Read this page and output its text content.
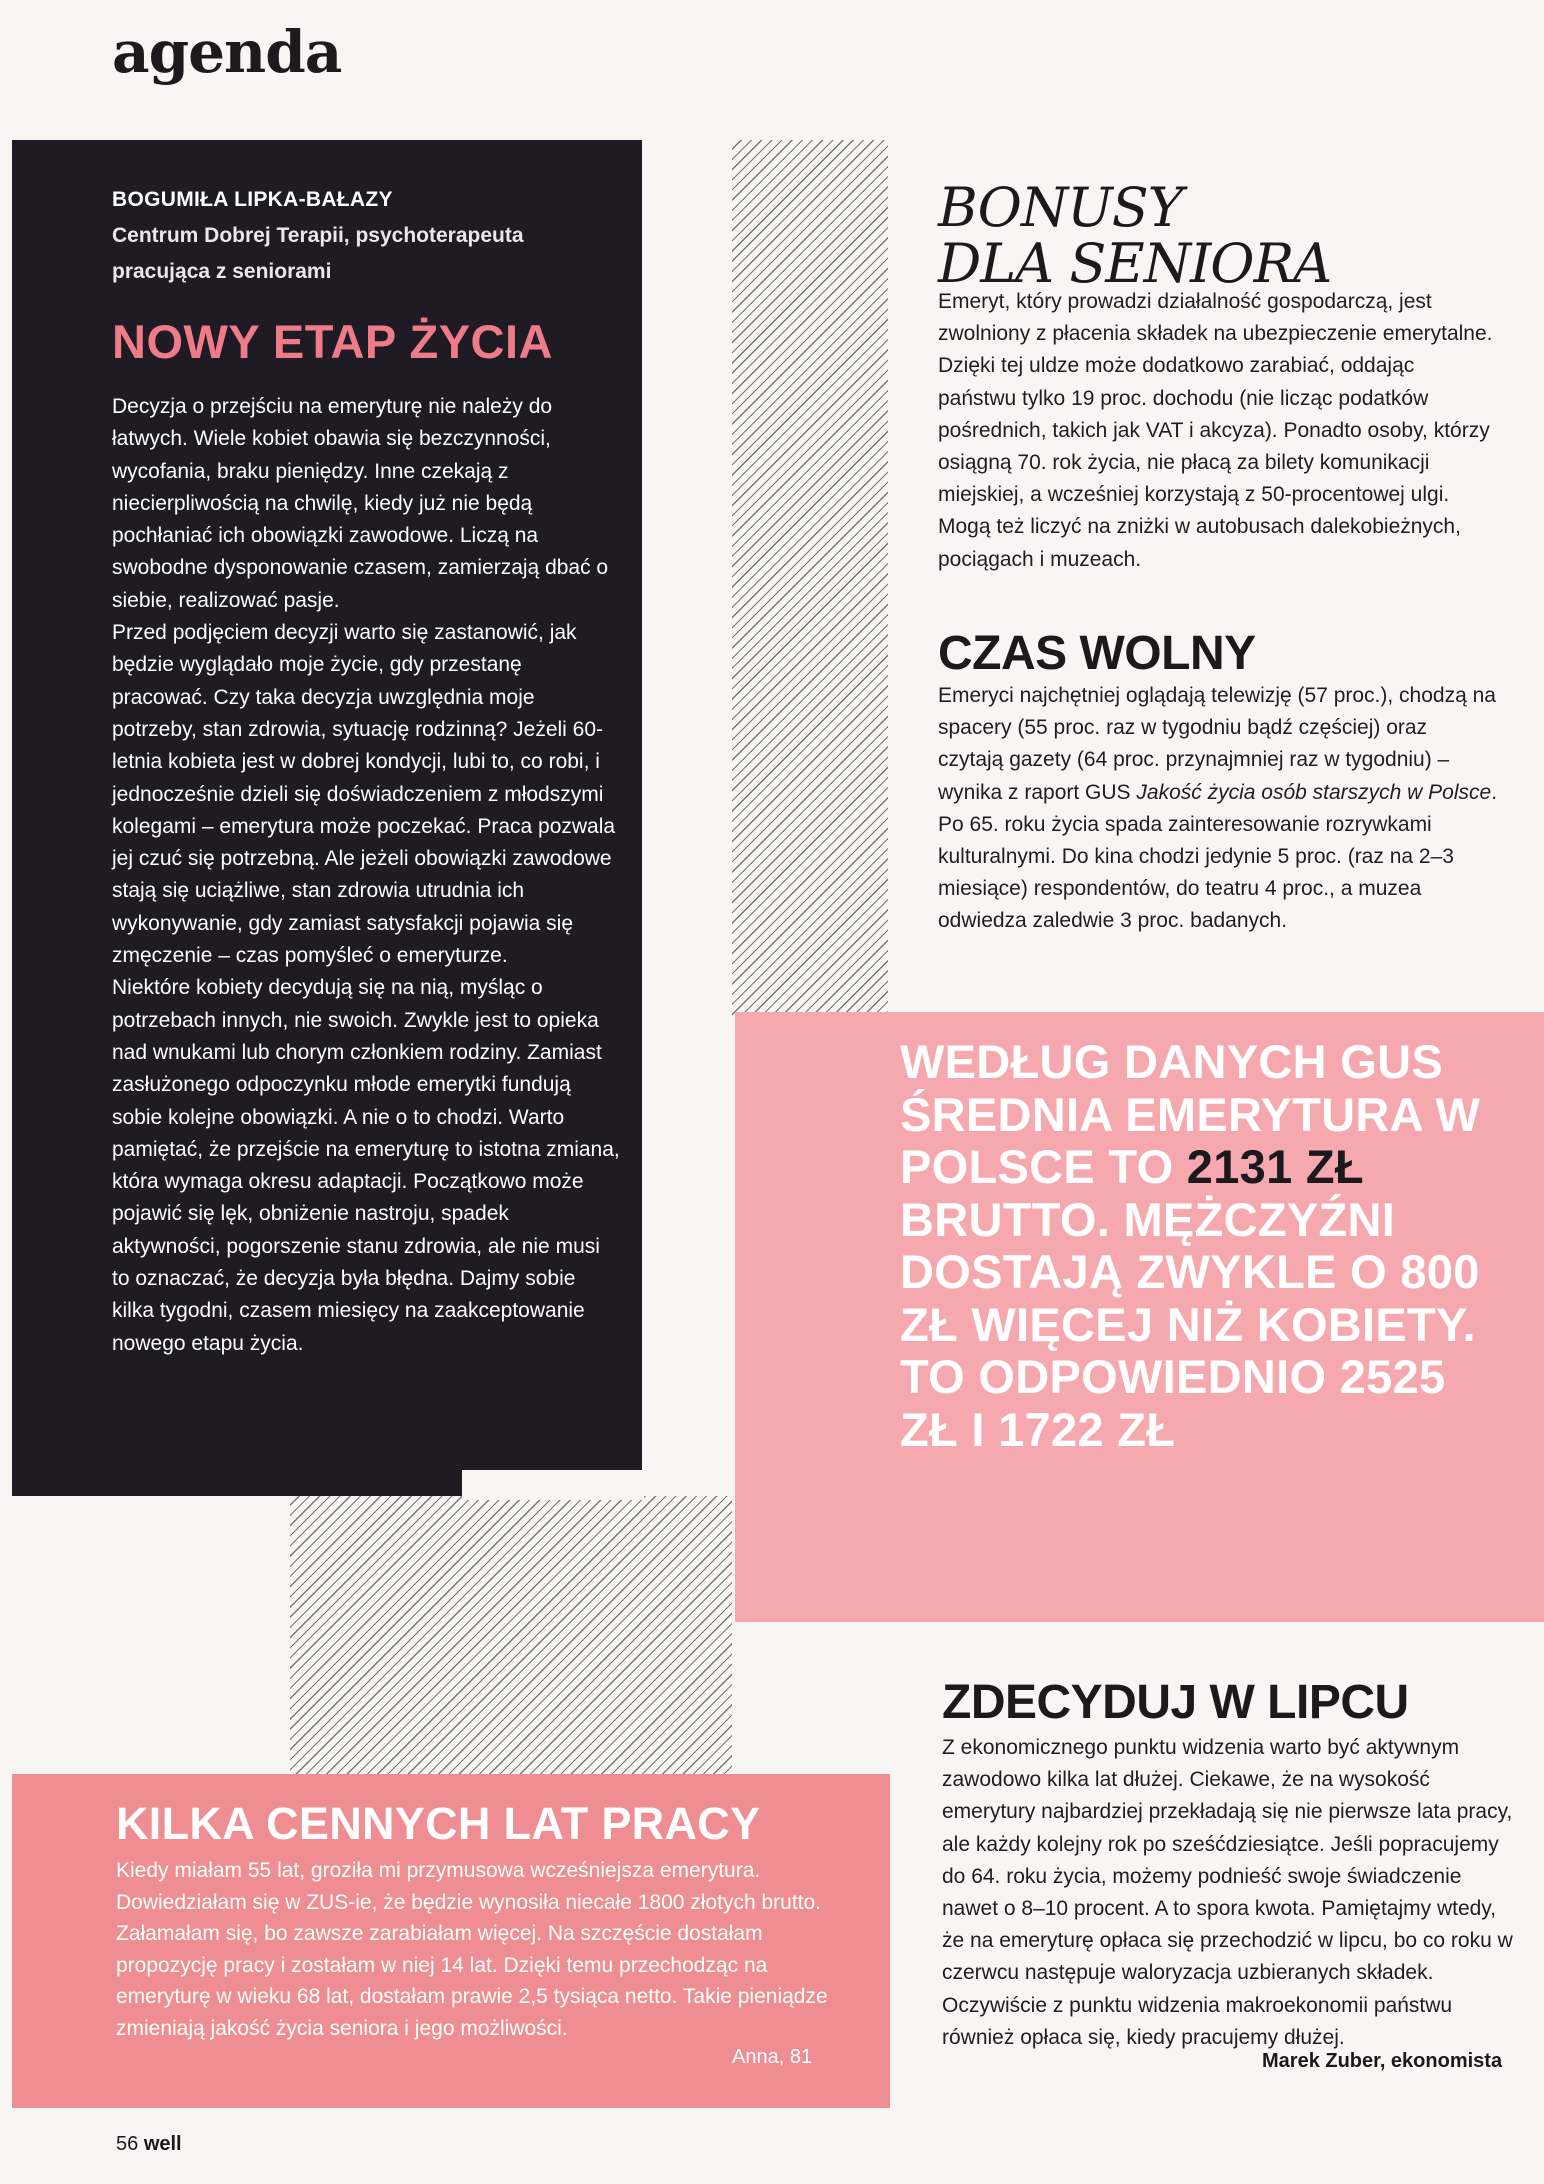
agenda
BOGUMIŁA LIPKA-BAŁAZY
Centrum Dobrej Terapii, psychoterapeuta
pracująca z seniorami
NOWY ETAP ŻYCIA

Decyzja o przejściu na emeryturę nie należy do łatwych. Wiele kobiet obawia się bezczynności, wycofania, braku pieniędzy. Inne czekają z niecierpliwością na chwilę, kiedy już nie będą pochłaniać ich obowiązki zawodowe. Liczą na swobodne dysponowanie czasem, zamierzają dbać o siebie, realizować pasje.

Przed podjęciem decyzji warto się zastanowić, jak będzie wyglądało moje życie, gdy przestanę pracować. Czy taka decyzja uwzględnia moje potrzeby, stan zdrowia, sytuację rodzinną? Jeżeli 60-letnia kobieta jest w dobrej kondycji, lubi to, co robi, i jednocześnie dzieli się doświadczeniem z młodszymi kolegami – emerytura może poczekać. Praca pozwala jej czuć się potrzebną. Ale jeżeli obowiązki zawodowe stają się uciążliwe, stan zdrowia utrudnia ich wykonywanie, gdy zamiast satysfakcji pojawia się zmęczenie – czas pomyśleć o emeryturze.

Niektóre kobiety decydują się na nią, myśląc o potrzebach innych, nie swoich. Zwykle jest to opieka nad wnukami lub chorym członkiem rodziny. Zamiast zasłużonego odpoczynku młode emerytki fundują sobie kolejne obowiązki. A nie o to chodzi. Warto pamiętać, że przejście na emeryturę to istotna zmiana, która wymaga okresu adaptacji. Początkowo może pojawić się lęk, obniżenie nastroju, spadek aktywności, pogorszenie stanu zdrowia, ale nie musi to oznaczać, że decyzja była błędna. Dajmy sobie kilka tygodni, czasem miesięcy na zaakceptowanie nowego etapu życia.

BONUSY
DLA SENIORA
Emeryt, który prowadzi działalność gospodarczą, jest zwolniony z płacenia składek na ubezpieczenie emerytalne. Dzięki tej uldze może dodatkowo zarabiać, oddając państwu tylko 19 proc. dochodu (nie licząc podatków pośrednich, takich jak VAT i akcyza). Ponadto osoby, którzy osiągną 70. rok życia, nie płacą za bilety komunikacji miejskiej, a wcześniej korzystają z 50-procentowej ulgi. Mogą też liczyć na zniżki w autobusach dalekobieżnych, pociągach i muzeach.
CZAS WOLNY
Emeryci najchętniej oglądają telewizję (57 proc.), chodzą na spacery (55 proc. raz w tygodniu bądź częściej) oraz czytają gazety (64 proc. przynajmniej raz w tygodniu) – wynika z raport GUS Jakość życia osób starszych w Polsce. Po 65. roku życia spada zainteresowanie rozrywkami kulturalnymi. Do kina chodzi jedynie 5 proc. (raz na 2–3 miesiące) respondentów, do teatru 4 proc., a muzea odwiedza zaledwie 3 proc. badanych.
WEDŁUG DANYCH GUS ŚREDNIA EMERYTURA W POLSCE TO 2131 ZŁ BRUTTO. MĘŻCZYŹNI DOSTAJĄ ZWYKLE O 800 ZŁ WIĘCEJ NIŻ KOBIETY. TO ODPOWIEDNIO 2525 ZŁ I 1722 ZŁ
ZDECYDUJ W LIPCU
Z ekonomicznego punktu widzenia warto być aktywnym zawodowo kilka lat dłużej. Ciekawe, że na wysokość emerytury najbardziej przekładają się nie pierwsze lata pracy, ale każdy kolejny rok po sześćdziesiątce. Jeśli popracujemy do 64. roku życia, możemy podnieść swoje świadczenie nawet o 8–10 procent. A to spora kwota. Pamiętajmy wtedy, że na emeryturę opłaca się przechodzić w lipcu, bo co roku w czerwcu następuje waloryzacja uzbieranych składek. Oczywiście z punktu widzenia makroekonomii państwu również opłaca się, kiedy pracujemy dłużej.
Marek Zuber, ekonomista
KILKA CENNYCH LAT PRACY
Kiedy miałam 55 lat, groziła mi przymusowa wcześniejsza emerytura. Dowiedziałam się w ZUS-ie, że będzie wynosiła niecałe 1800 złotych brutto. Załamałam się, bo zawsze zarabiałam więcej. Na szczęście dostałam propozycję pracy i zostałam w niej 14 lat. Dzięki temu przechodząc na emeryturę w wieku 68 lat, dostałam prawie 2,5 tysiąca netto. Takie pieniądze zmieniają jakość życia seniora i jego możliwości.
Anna, 81
56 well
